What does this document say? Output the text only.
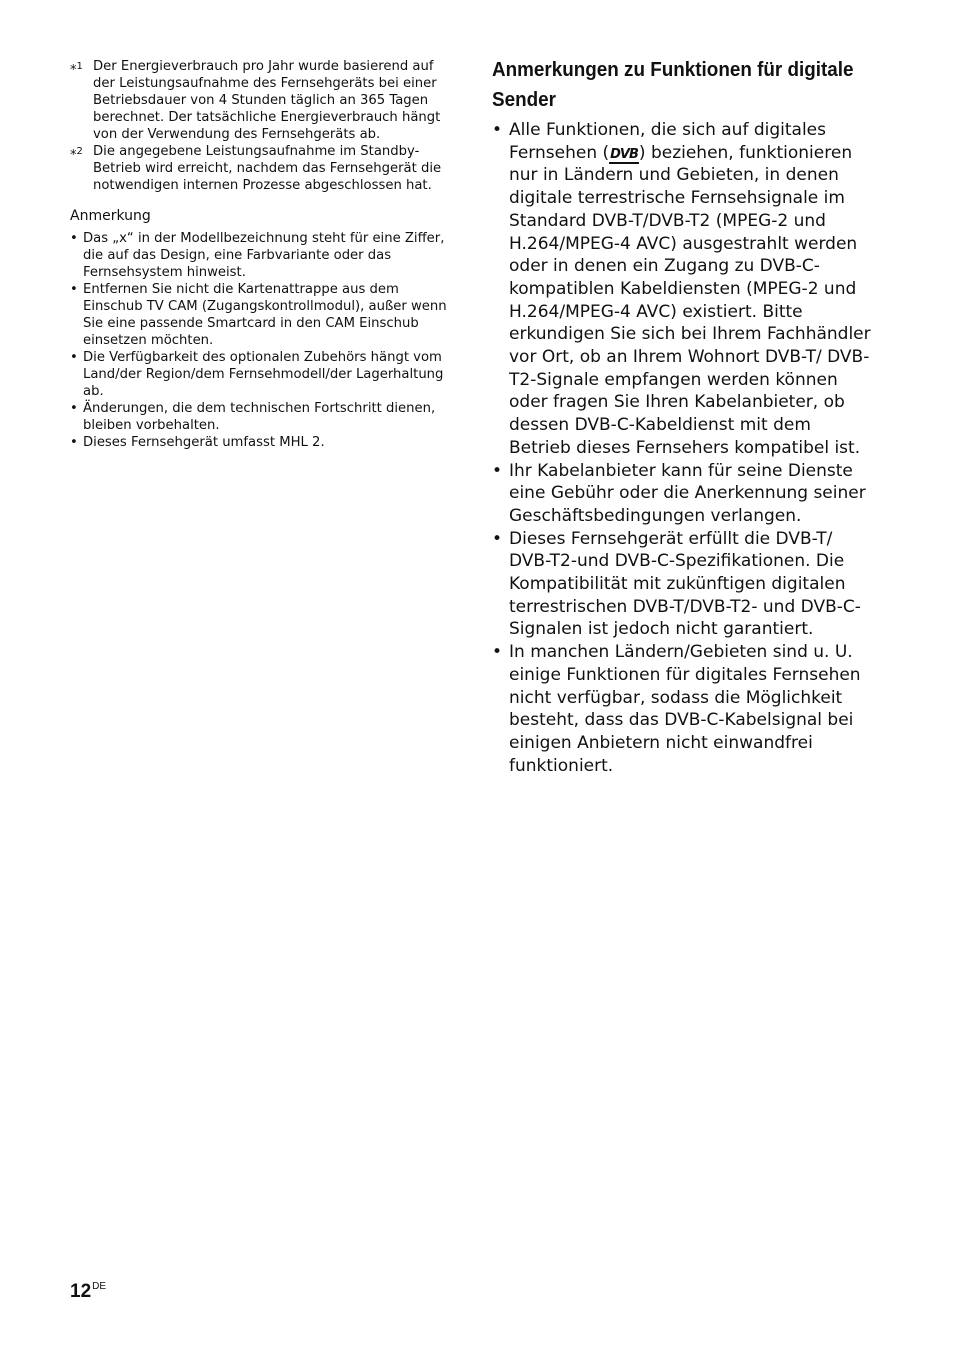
*$^1$ Der Energieverbrauch pro Jahr wurde basierend auf der Leistungsaufnahme des Fernsehgeräts bei einer Betriebsdauer von 4 Stunden täglich an 365 Tagen berechnet. Der tatsächliche Energieverbrauch hängt von der Verwendung des Fernsehgeräts ab.
*$^2$ Die angegebene Leistungsaufnahme im Standby-Betrieb wird erreicht, nachdem das Fernsehgerät die notwendigen internen Prozesse abgeschlossen hat.
Anmerkung
• Das „x“ in der Modellbezeichnung steht für eine Ziffer, die auf das Design, eine Farbvariante oder das Fernsehsystem hinweist.
• Entfernen Sie nicht die Kartenattrappe aus dem Einschub TV CAM (Zugangskontrollmodul), außer wenn Sie eine passende Smartcard in den CAM Einschub einsetzen möchten.
• Die Verfügbarkeit des optionalen Zubehörs hängt vom Land/der Region/dem Fernsehmodell/der Lagerhaltung ab.
• Änderungen, die dem technischen Fortschritt dienen, bleiben vorbehalten.
• Dieses Fernsehgerät umfasst MHL 2.
Anmerkungen zu Funktionen für digitale
Sender
• Alle Funktionen, die sich auf digitales Fernsehen (DVB) beziehen, funktionieren nur in Ländern und Gebieten, in denen digitale terrestrische Fernsehsignale im Standard DVB-T/DVB-T2 (MPEG-2 und H.264/MPEG-4 AVC) ausgestrahlt werden oder in denen ein Zugang zu DVB-C-kompatiblen Kabeldiensten (MPEG-2 und H.264/MPEG-4 AVC) existiert. Bitte erkundigen Sie sich bei Ihrem Fachhändler vor Ort, ob an Ihrem Wohnort DVB-T/ DVB-T2-Signale empfangen werden können oder fragen Sie Ihren Kabelanbieter, ob dessen DVB-C-Kabeldienst mit dem Betrieb dieses Fernsehers kompatibel ist.
• Ihr Kabelanbieter kann für seine Dienste eine Gebühr oder die Anerkennung seiner Geschäftsbedingungen verlangen.
• Dieses Fernsehgerät erfüllt die DVB-T/ DVB-T2-und DVB-C-Spezifikationen. Die Kompatibilität mit zukünftigen digitalen terrestrischen DVB-T/DVB-T2- und DVB-C-Signalen ist jedoch nicht garantiert.
• In manchen Ländern/Gebieten sind u. U. einige Funktionen für digitales Fernsehen nicht verfügbar, sodass die Möglichkeit besteht, dass das DVB-C-Kabelsignal bei einigen Anbietern nicht einwandfrei funktioniert.
12DE
